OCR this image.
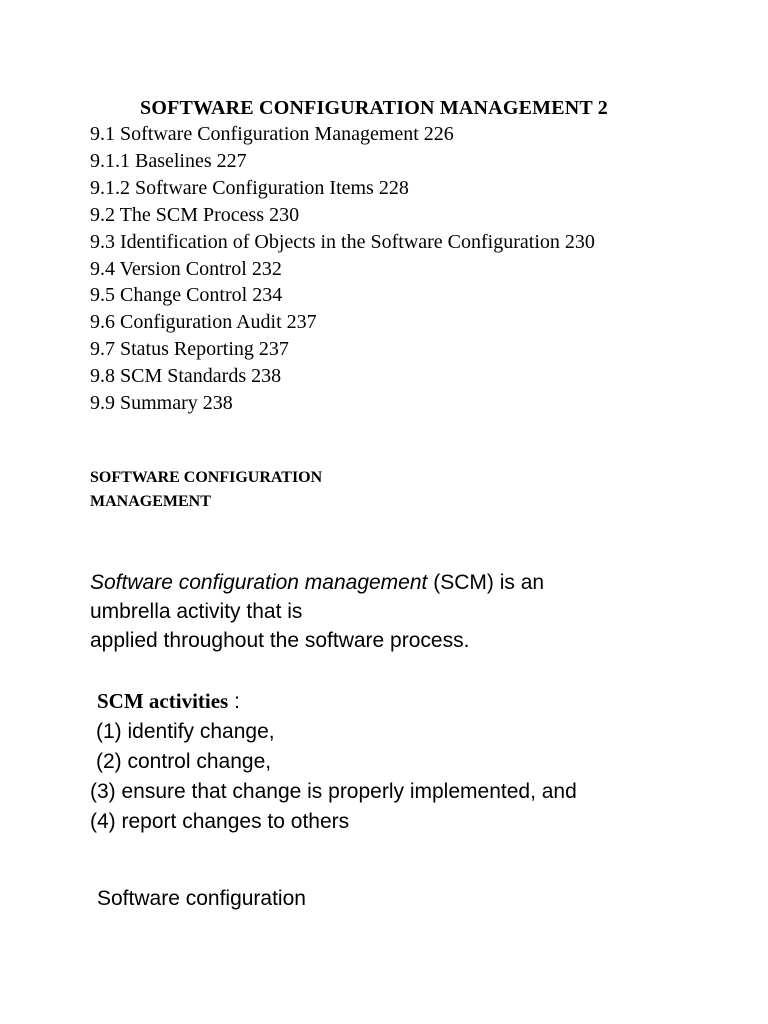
SOFTWARE CONFIGURATION MANAGEMENT 2
9.1 Software Configuration Management 226
9.1.1 Baselines 227
9.1.2 Software Configuration Items 228
9.2 The SCM Process 230
9.3 Identification of Objects in the Software Configuration 230
9.4 Version Control 232
9.5 Change Control 234
9.6 Configuration Audit 237
9.7 Status Reporting 237
9.8 SCM Standards 238
9.9 Summary 238
SOFTWARE CONFIGURATION
MANAGEMENT
Software configuration management (SCM) is an
umbrella activity that is
applied throughout the software process.
SCM activities :
(1) identify change,
(2) control change,
(3) ensure that change is properly implemented, and
(4) report changes to others
Software configuration
